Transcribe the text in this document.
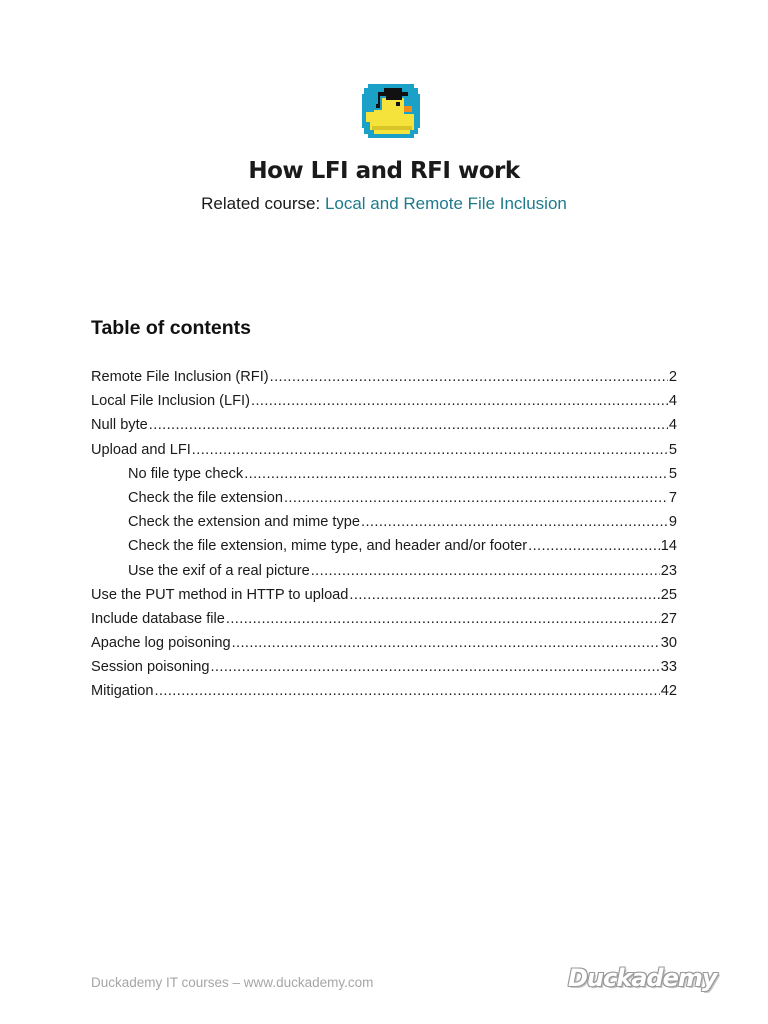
How LFI and RFI work
Related course: Local and Remote File Inclusion
Table of contents
Remote File Inclusion (RFI) .....	2
Local File Inclusion (LFI) .....	4
Null byte .....	4
Upload and LFI .....	5
No file type check .....	5
Check the file extension .....	7
Check the extension and mime type .....	9
Check the file extension, mime type, and header and/or footer .....	14
Use the exif of a real picture .....	23
Use the PUT method in HTTP to upload .....	25
Include database file .....	27
Apache log poisoning .....	30
Session poisoning .....	33
Mitigation .....	42
Duckademy IT courses – www.duckademy.com	Duckademy
